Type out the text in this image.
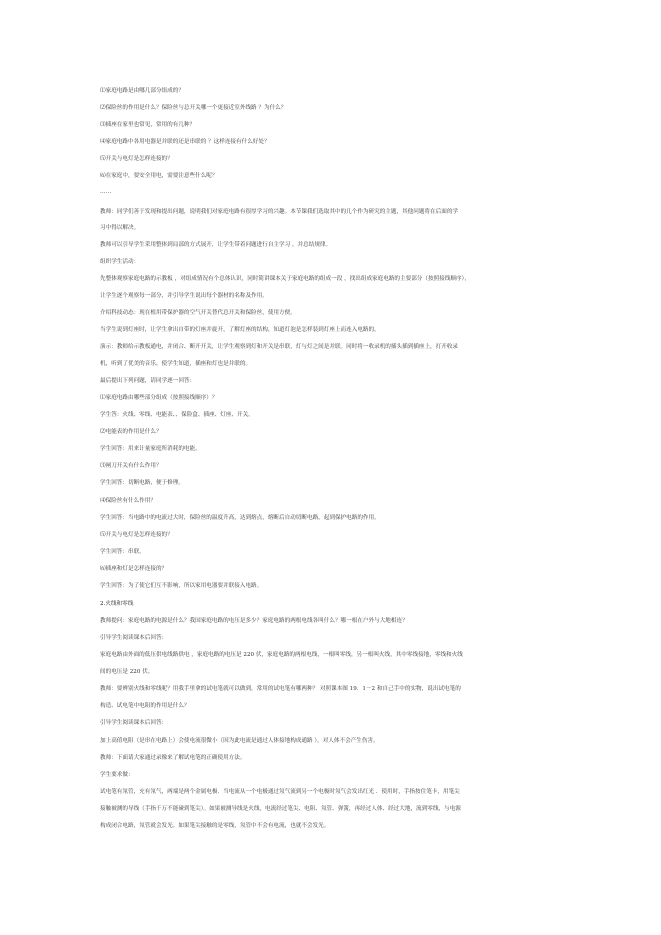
⑴家庭电路是由哪几部分组成的？
⑵保险丝的作用是什么？保险丝与总开关哪一个更接近室外线路 ？为什么？
⑶插座在家里也常见，常用的有几种？
⑷家庭电路中各用电器是并联的还是串联的 ？这样连接有什么好处？
⑸开关与电灯是怎样连接的？
⑹在家庭中，要安全用电，需要注意些什么呢？
……
教师：同学们善于发现和提出问题，说明我们对家庭电路有很厚学习的兴趣。本节课我们选取其中的几个作为研究的主题，其他问题将在后面的学
习中得以解决。
教师可以引导学生采用整体到局部的方式展开，让学生带着问题进行自主学习 ，并总结规律。
组织学生活动：
先整体观察家庭电路的示教板 ，对组成情况有个总体认识，同时简讲课本关于家庭电路的组成一段 ，找出组成家庭电路的主要部分（按照接线顺序），
让学生逐个观察每一部分，并引导学生说出每个器材的名称及作用。
介绍科技动态：现在植用带保护器的空气开关替代总开关和保险丝，使用方便。
当学生说到灯座时，让学生拿出自带的灯座并旋开，了解灯座的结构，知道灯泡是怎样装到灯座上而连入电路的。
演示：教师给示教板通电，并闭合、断开开关，让学生观察到灯和开关是串联，灯与灯之间是并联。同时将一收录机的插头插到插座上，打开收录
机，听到了优美的音乐，使学生知道，插座和灯也是并联的。
最后提出下列问题，请同学逐一回答：
⑴家庭电路由哪些部分组成（按照接线顺序）？
学生答：火线、零线、电能表、、保险盒、插座、灯座、开关。
⑵电能表的作用是什么？
学生回答：用来计量家庭所消耗的电能。
⑶闸刀开关有什么作用？
学生回答：切断电路，便于修理。
⑷保险丝有什么作用？
学生回答：当电路中的电流过大时，保险丝的温度升高，达到熔点，熔断后自动切断电路，起到保护电路的作用。
⑸开关与电灯是怎样连接的？
学生回答：串联。
⑹插座和灯是怎样连接的？
学生回答：为了使它们互不影响，所以家用电器要并联接入电路。
2.火线和零线
教师提问：家庭电路的电源是什么？我国家庭电路的电压是多少？家庭电路的两根电线各叫什么？哪一根在户外与大地相连？
引导学生阅读课本后回答：
家庭电路由外面的低压供电线路供电 ，家庭电路的电压是 220 伏，家庭电路的两根电线，一根叫零线，另一根叫火线，其中零线接地，零线和火线
间的电压是 220 伏。
教师：要辨别火线和零线呢？用我手里拿的试电笔就可以做到。常用的试电笔有哪两种？ 对照课本图 19．1－2 和自己手中的实物，说出试电笔的
构造、试电笔中电阻的作用是什么？
引导学生阅读课本后回答：
加上高值电阻（是串在电路上）会使电流很微小（因为此电流是通过人体接地构成通路 ），对人体不会产生伤害。
教师：下面请大家通过录像来了解试电笔的正确使用方法。
学生要求做：
试电笔有氖管，充有氖气，两端是两个金属电极．当电流从一个电极通过氖气流到另一个电极时氖气会发出红光 ．使用时，手指按住笔卡，用笔尖
接触被测的导线（手指千万不能碰到笔尖）。如果被测导线是火线，电流经过笔尖、电阻、氖管、弹簧，再经过人体、经过大地，流到零线，与电源
构成闭合电路，氖管就会发光。如果笔尖接触的是零线，氖管中不会有电流，也就不会发光。
